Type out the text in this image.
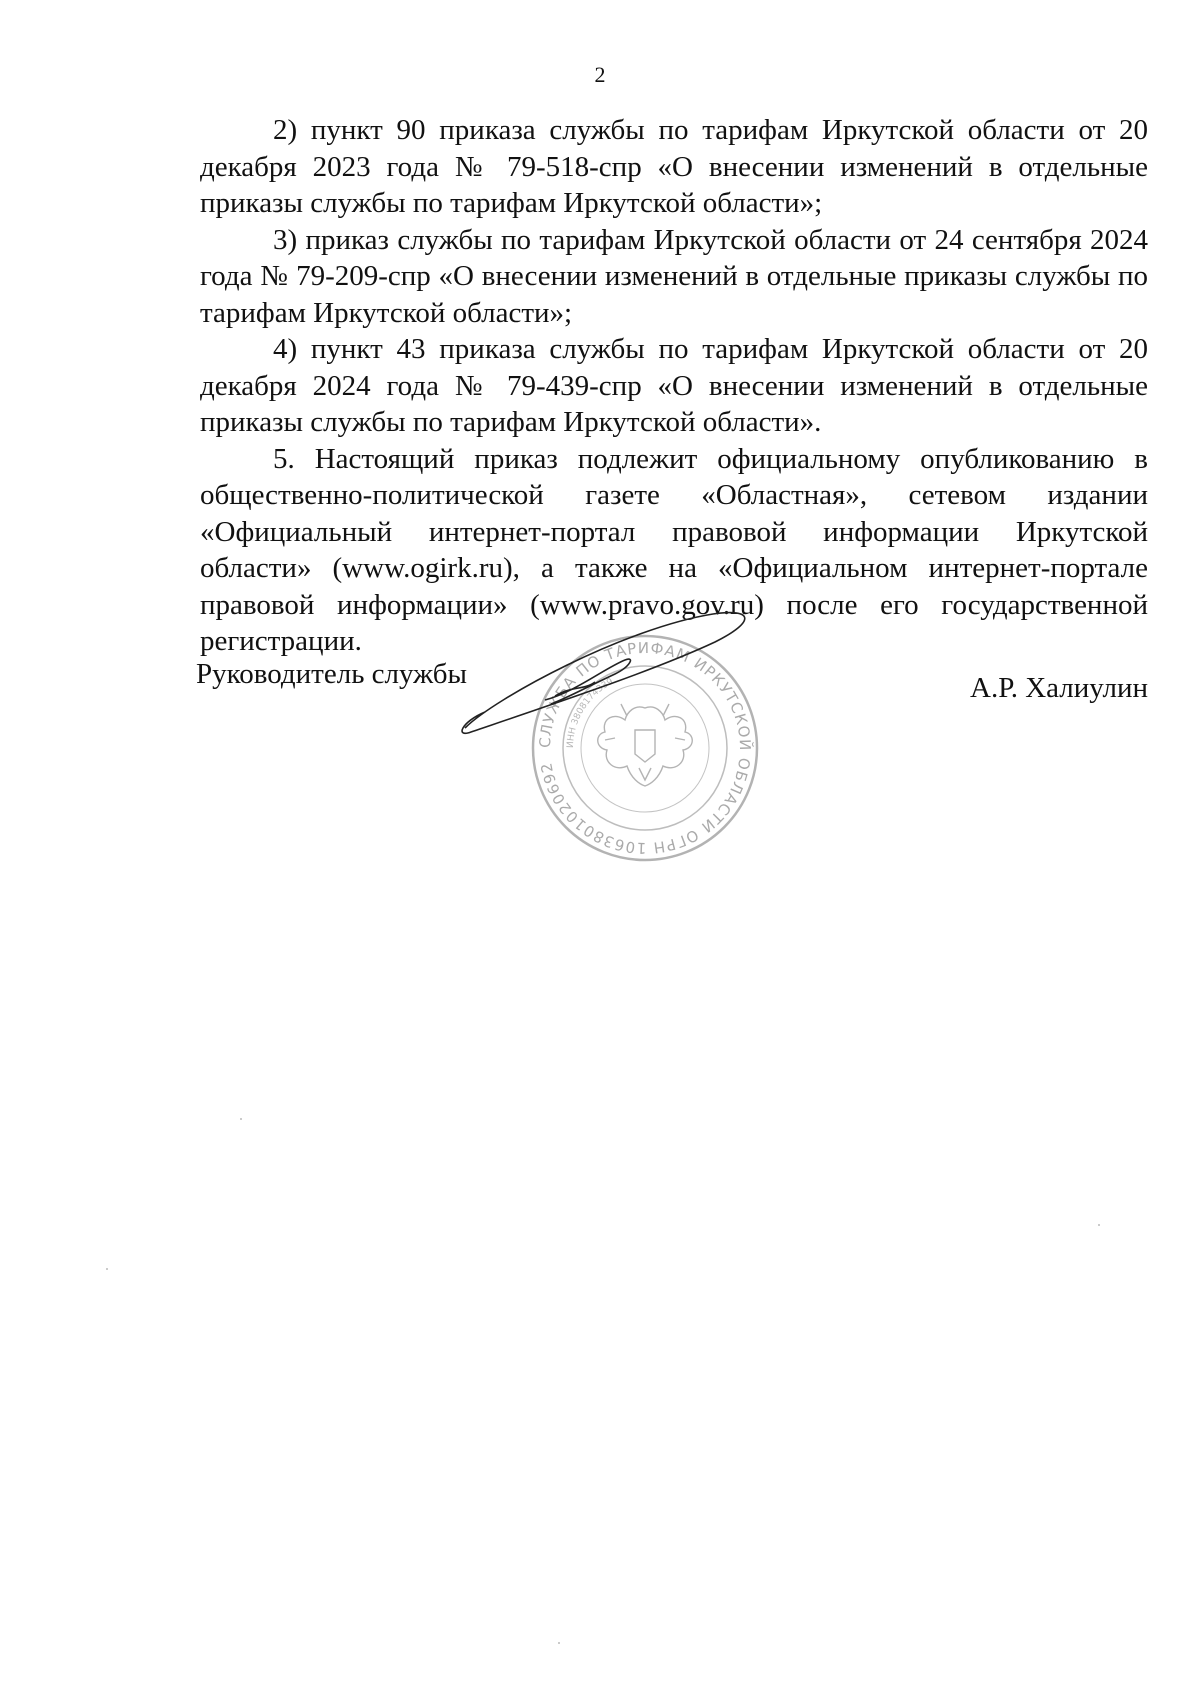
2

2) пункт 90 приказа службы по тарифам Иркутской области от 20 декабря 2023 года № 79-518-спр «О внесении изменений в отдельные приказы службы по тарифам Иркутской области»;

3) приказ службы по тарифам Иркутской области от 24 сентября 2024 года № 79-209-спр «О внесении изменений в отдельные приказы службы по тарифам Иркутской области»;

4) пункт 43 приказа службы по тарифам Иркутской области от 20 декабря 2024 года № 79-439-спр «О внесении изменений в отдельные приказы службы по тарифам Иркутской области».

5. Настоящий приказ подлежит официальному опубликованию в общественно-политической газете «Областная», сетевом издании «Официальный интернет-портал правовой информации Иркутской области» (www.ogirk.ru), а также на «Официальном интернет-портале правовой информации» (www.pravo.gov.ru) после его государственной регистрации.

Руководитель службы	А.Р. Халиулин
СЛУЖБА ПО ТАРИФАМ ИРКУТСКОЙ ОБЛАСТИ ОГРН 1063801020692
ИНН 3808174339
